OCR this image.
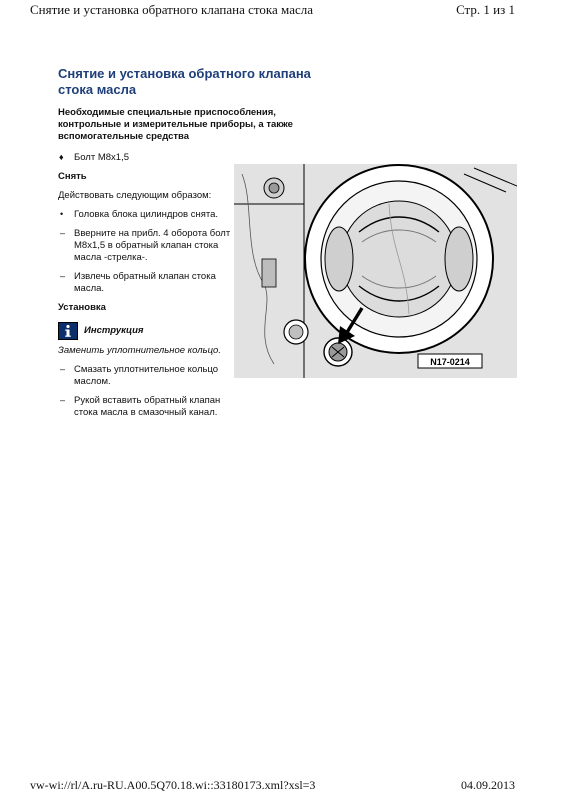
Снятие и установка обратного клапана стока масла	Стр. 1 из 1
Снятие и установка обратного клапана
стока масла
Необходимые специальные приспособления,
контрольные и измерительные приборы, а также
вспомогательные средства
♦ Болт M8x1,5
Снять
Действовать следующим образом:
• Головка блока цилиндров снята.
– Вверните на прибл. 4 оборота болт
M8x1,5 в обратный клапан стока
масла -стрелка-.
– Извлечь обратный клапан стока
масла.
Установка
Инструкция
Заменить уплотнительное кольцо.
– Смазать уплотнительное кольцо
маслом.
– Рукой вставить обратный клапан
стока масла в смазочный канал.
N17-0214
vw-wi://rl/A.ru-RU.A00.5Q70.18.wi::33180173.xml?xsl=3	04.09.2013
